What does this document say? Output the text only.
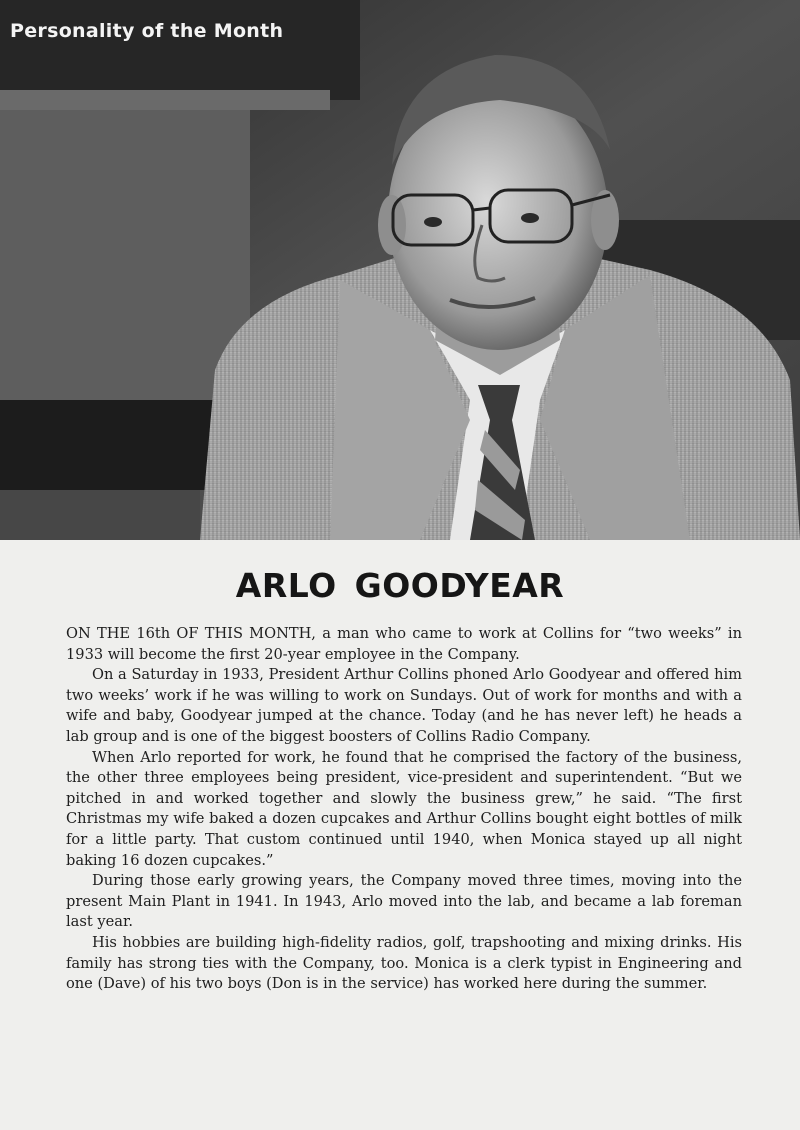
Personality of the Month
ARLO GOODYEAR

ON THE 16th OF THIS MONTH, a man who came to work at Collins for “two weeks” in 1933 will become the first 20-year employee in the Company.

On a Saturday in 1933, President Arthur Collins phoned Arlo Goodyear and offered him two weeks’ work if he was willing to work on Sundays. Out of work for months and with a wife and baby, Goodyear jumped at the chance. Today (and he has never left) he heads a lab group and is one of the biggest boosters of Collins Radio Company.

When Arlo reported for work, he found that he comprised the factory of the business, the other three employees being president, vice-president and superintendent. “But we pitched in and worked together and slowly the business grew,” he said. “The first Christmas my wife baked a dozen cupcakes and Arthur Collins bought eight bottles of milk for a little party. That custom continued until 1940, when Monica stayed up all night baking 16 dozen cupcakes.”

During those early growing years, the Company moved three times, moving into the present Main Plant in 1941. In 1943, Arlo moved into the lab, and became a lab foreman last year.

His hobbies are building high-fidelity radios, golf, trapshooting and mixing drinks. His family has strong ties with the Company, too. Monica is a clerk typist in Engineering and one (Dave) of his two boys (Don is in the service) has worked here during the summer.
